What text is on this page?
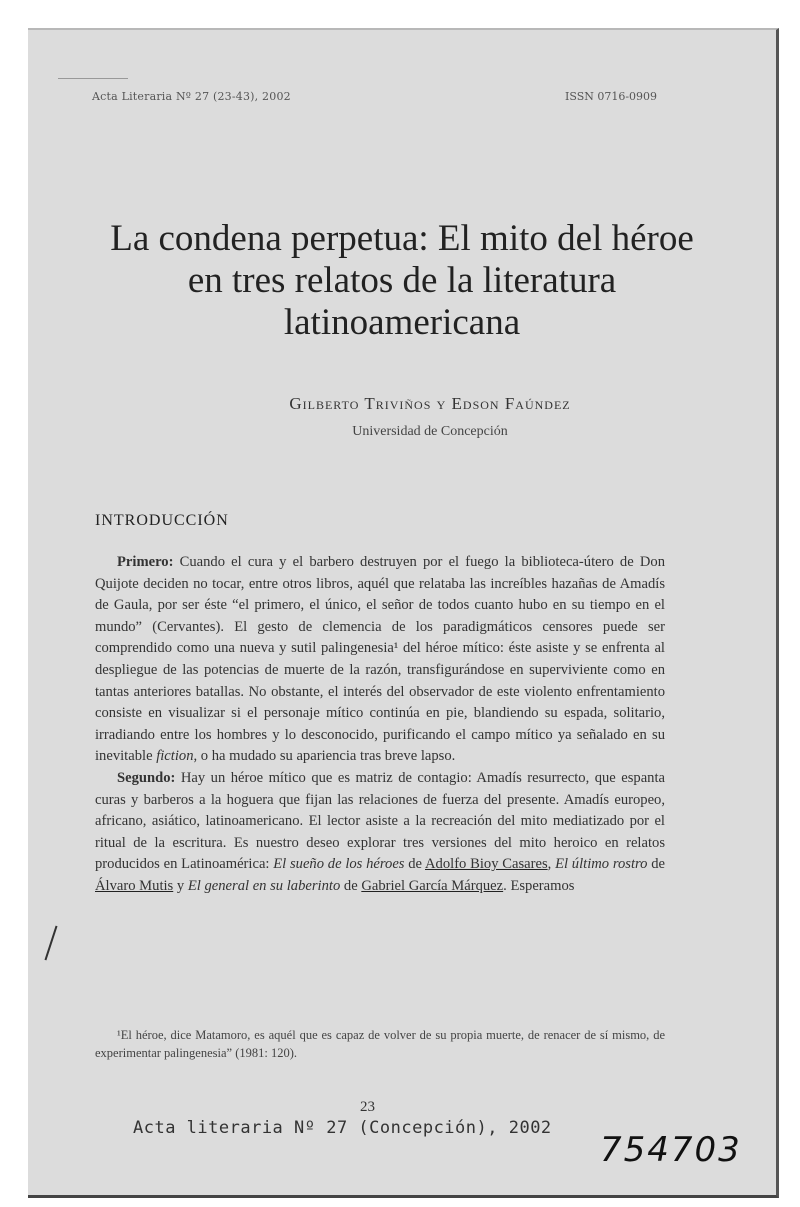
Acta Literaria Nº 27 (23-43), 2002	ISSN 0716-0909
La condena perpetua: El mito del héroe
en tres relatos de la literatura
latinoamericana
Gilberto Triviños y Edson Faúndez
Universidad de Concepción
INTRODUCCIÓN

Primero: Cuando el cura y el barbero destruyen por el fuego la biblioteca-útero de Don Quijote deciden no tocar, entre otros libros, aquél que relataba las increíbles hazañas de Amadís de Gaula, por ser éste “el primero, el único, el señor de todos cuanto hubo en su tiempo en el mundo” (Cervantes). El gesto de clemencia de los paradigmáticos censores puede ser comprendido como una nueva y sutil palingenesia¹ del héroe mítico: éste asiste y se enfrenta al despliegue de las potencias de muerte de la razón, transfigurándose en superviviente como en tantas anteriores batallas. No obstante, el interés del observador de este violento enfrentamiento consiste en visualizar si el personaje mítico continúa en pie, blandiendo su espada, solitario, irradiando entre los hombres y lo desconocido, purificando el campo mítico ya señalado en su inevitable fiction, o ha mudado su apariencia tras breve lapso.

Segundo: Hay un héroe mítico que es matriz de contagio: Amadís resurrecto, que espanta curas y barberos a la hoguera que fijan las relaciones de fuerza del presente. Amadís europeo, africano, asiático, latinoamericano. El lector asiste a la recreación del mito mediatizado por el ritual de la escritura. Es nuestro deseo explorar tres versiones del mito heroico en relatos producidos en Latinoamérica: El sueño de los héroes de Adolfo Bioy Casares, El último rostro de Álvaro Mutis y El general en su laberinto de Gabriel García Márquez. Esperamos

¹El héroe, dice Matamoro, es aquél que es capaz de volver de su propia muerte, de renacer de sí mismo, de experimentar palingenesia” (1981: 120).
23
Acta literaria Nº 27 (Concepción), 2002
754703
